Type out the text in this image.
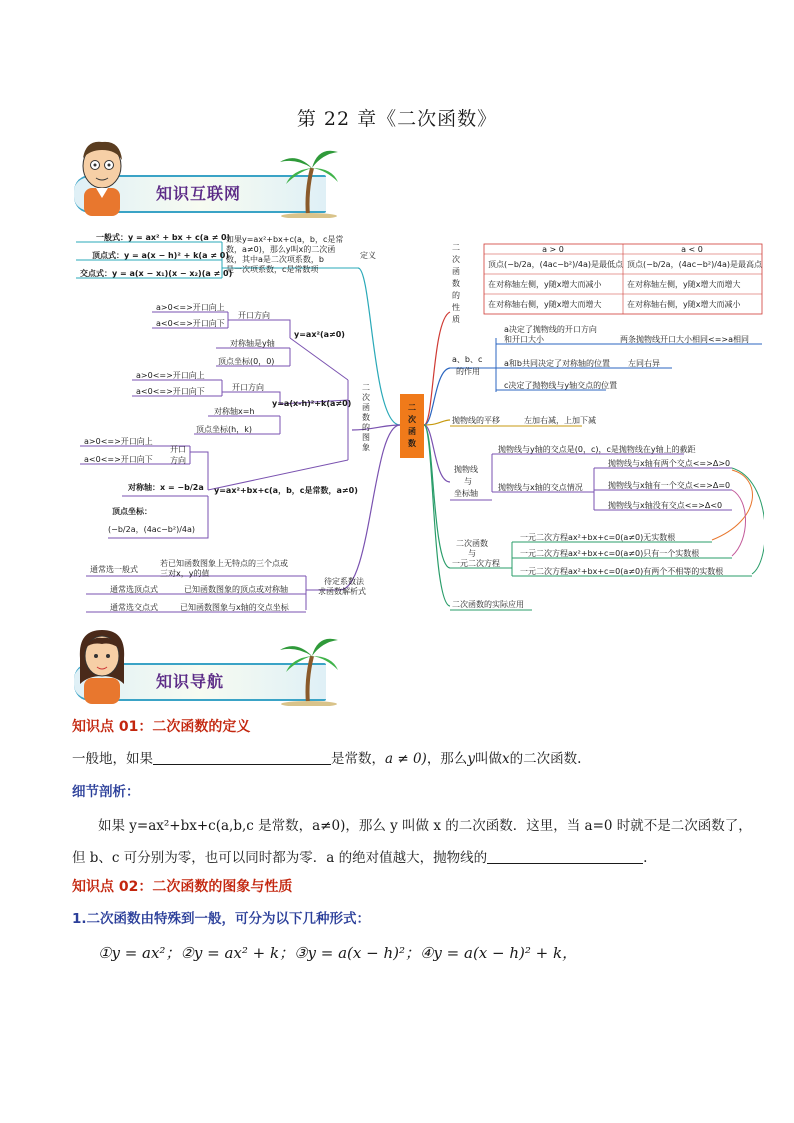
第 22 章《二次函数》
知识互联网
二
次
函
数
一般式：y = ax² + bx + c(a ≠ 0)
顶点式：y = a(x − h)² + k(a ≠ 0)
交点式：y = a(x − x₁)(x − x₂)(a ≠ 0)
如果y=ax²+bx+c(a，b，c是常
数，a≠0)，那么y叫x的二次函
数，其中a是二次项系数，b
是一次项系数，c是常数项
定义
二
次
函
数
的
图
象
y=ax²(a≠0)
开口方向
a>0<=>开口向上
a<0<=>开口向下
对称轴是y轴
顶点坐标(0，0)
y=a(x-h)²+k(a≠0)
开口方向
a>0<=>开口向上
a<0<=>开口向下
对称轴x=h
顶点坐标(h，k)
y=ax²+bx+c(a，b，c是常数，a≠0)
开口
方向
a>0<=>开口向上
a<0<=>开口向下
对称轴：x = −b/2a
顶点坐标：
(−b/2a，(4ac−b²)/4a)
待定系数法
求函数解析式
通常选一般式
若已知函数图象上无特点的三个点或
三对x，y的值
通常选顶点式	已知函数图象的顶点或对称轴
通常选交点式	已知函数图象与x轴的交点坐标
二
次
函
数
的
性
质
a > 0	a < 0
顶点(−b/2a，(4ac−b²)/4a)是最低点 顶点(−b/2a，(4ac−b²)/4a)是最高点
在对称轴左侧，y随x增大而减小	在对称轴左侧，y随x增大而增大
在对称轴右侧，y随x增大而增大	在对称轴右侧，y随x增大而减小
a、b、c
的作用
a决定了抛物线的开口方向
和开口大小	两条抛物线开口大小相同<=>a相同
a和b共同决定了对称轴的位置 左同右异
c决定了抛物线与y轴交点的位置
抛物线的平移	左加右减，上加下减
抛物线
与
坐标轴
抛物线与y轴的交点是(0，c)，c是抛物线在y轴上的截距
抛物线与x轴的交点情况
抛物线与x轴有两个交点<=>Δ>0
抛物线与x轴有一个交点<=>Δ=0
抛物线与x轴没有交点<=>Δ<0
二次函数
与
一元二次方程
一元二次方程ax²+bx+c=0(a≠0)无实数根
一元二次方程ax²+bx+c=0(a≠0)只有一个实数根
一元二次方程ax²+bx+c=0(a≠0)有两个不相等的实数根
二次函数的实际应用
知识导航
知识点 01：二次函数的定义
一般地，如果	是常数，a ≠ 0)，那么y叫做x的二次函数.
细节剖析：
如果 y=ax²+bx+c(a,b,c 是常数，a≠0)，那么 y 叫做 x 的二次函数．这里，当 a=0 时就不是二次函数了，
但 b、c 可分别为零，也可以同时都为零．a 的绝对值越大，抛物线的	.
知识点 02：二次函数的图象与性质
1.二次函数由特殊到一般，可分为以下几种形式：
①y = ax²；②y = ax² + k；③y = a(x − h)²；④y = a(x − h)² + k，
